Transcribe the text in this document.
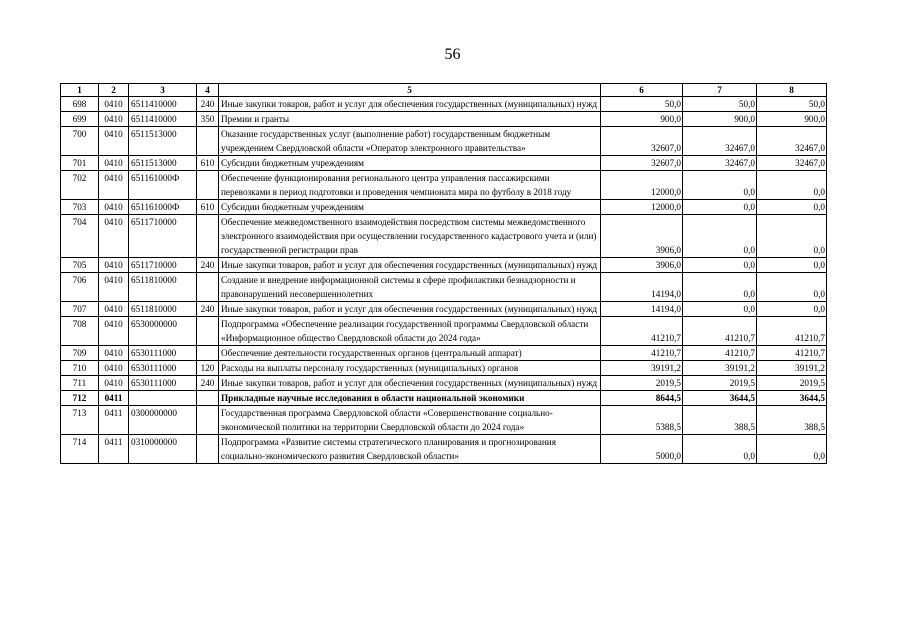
56
1	2	3	4	5	6	7	8
698	0410	6511410000	240	Иные закупки товаров, работ и услуг для обеспечения государственных (муниципальных) нужд	50,0	50,0	50,0
699	0410	6511410000	350	Премии и гранты	900,0	900,0	900,0
700	0410	6511513000		Оказание государственных услуг (выполнение работ) государственным бюджетным учреждением Свердловской области «Оператор электронного правительства»	32607,0	32467,0	32467,0
701	0410	6511513000	610	Субсидии бюджетным учреждениям	32607,0	32467,0	32467,0
702	0410	651161000Ф		Обеспечение функционирования регионального центра управления пассажирскими перевозками в период подготовки и проведения чемпионата мира по футболу в 2018 году	12000,0	0,0	0,0
703	0410	651161000Ф	610	Субсидии бюджетным учреждениям	12000,0	0,0	0,0
704	0410	6511710000		Обеспечение межведомственного взаимодействия посредством системы межведомственного электронного взаимодействия при осуществлении государственного кадастрового учета и (или) государственной регистрации прав	3906,0	0,0	0,0
705	0410	6511710000	240	Иные закупки товаров, работ и услуг для обеспечения государственных (муниципальных) нужд	3906,0	0,0	0,0
706	0410	6511810000		Создание и внедрение информационной системы в сфере профилактики безнадзорности и правонарушений несовершеннолетних	14194,0	0,0	0,0
707	0410	6511810000	240	Иные закупки товаров, работ и услуг для обеспечения государственных (муниципальных) нужд	14194,0	0,0	0,0
708	0410	6530000000		Подпрограмма «Обеспечение реализации государственной программы Свердловской области «Информационное общество Свердловской области до 2024 года»	41210,7	41210,7	41210,7
709	0410	6530111000		Обеспечение деятельности государственных органов (центральный аппарат)	41210,7	41210,7	41210,7
710	0410	6530111000	120	Расходы на выплаты персоналу государственных (муниципальных) органов	39191,2	39191,2	39191,2
711	0410	6530111000	240	Иные закупки товаров, работ и услуг для обеспечения государственных (муниципальных) нужд	2019,5	2019,5	2019,5
712	0411			Прикладные научные исследования в области национальной экономики	8644,5	3644,5	3644,5
713	0411	0300000000		Государственная программа Свердловской области «Совершенствование социально-экономической политики на территории Свердловской области до 2024 года»	5388,5	388,5	388,5
714	0411	0310000000		Подпрограмма «Развитие системы стратегического планирования и прогнозирования социально-экономического развития Свердловской области»	5000,0	0,0	0,0
